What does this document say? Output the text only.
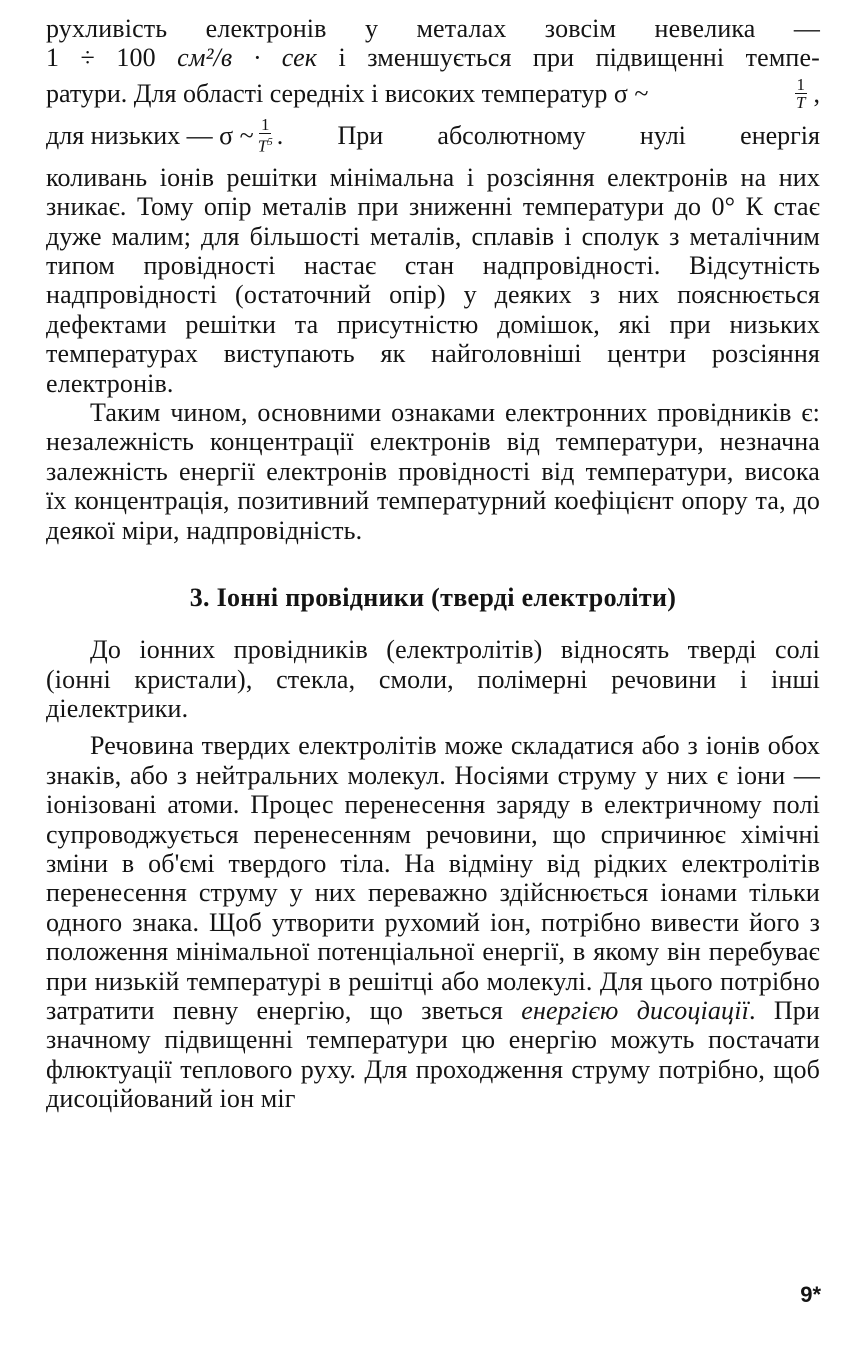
рухливість електронів у металах зовсім невелика —

1 ÷ 100 см²/в · сек і зменшується при підвищенні темпе-

ратури. Для області середніх і високих температур σ ~	$\frac{1}{T}$ ,
для низьких — σ ~ $\frac{1}{T^5}$ . При абсолютному нулі енергія

коливань іонів решітки мінімальна і розсіяння електронів на них зникає. Тому опір металів при зниженні температури до 0° К стає дуже малим; для більшості металів, сплавів і сполук з металічним типом провідності настає стан надпровідності. Відсутність надпровідності (остаточний опір) у деяких з них пояснюється дефектами решітки та присутністю домішок, які при низьких температурах виступають як найголовніші центри розсіяння електронів.

Таким чином, основними ознаками електронних провідників є: незалежність концентрації електронів від температури, незначна залежність енергії електронів провідності від температури, висока їх концентрація, позитивний температурний коефіцієнт опору та, до деякої міри, надпровідність.

3. Іонні провідники (тверді електроліти)

До іонних провідників (електролітів) відносять тверді солі (іонні кристали), стекла, смоли, полімерні речовини і інші діелектрики.

Речовина твердих електролітів може складатися або з іонів обох знаків, або з нейтральних молекул. Носіями струму у них є іони — іонізовані атоми. Процес перенесення заряду в електричному полі супроводжується перенесенням речовини, що спричинює хімічні зміни в об'ємі твердого тіла. На відміну від рідких електролітів перенесення струму у них переважно здійснюється іонами тільки одного знака. Щоб утворити рухомий іон, потрібно вивести його з положення мінімальної потенціальної енергії, в якому він перебуває при низькій температурі в решітці або молекулі. Для цього потрібно затратити певну енергію, що зветься енергією дисоціації. При значному підвищенні температури цю енергію можуть постачати флюктуації теплового руху. Для проходження струму потрібно, щоб дисоційований іон міг

9*
